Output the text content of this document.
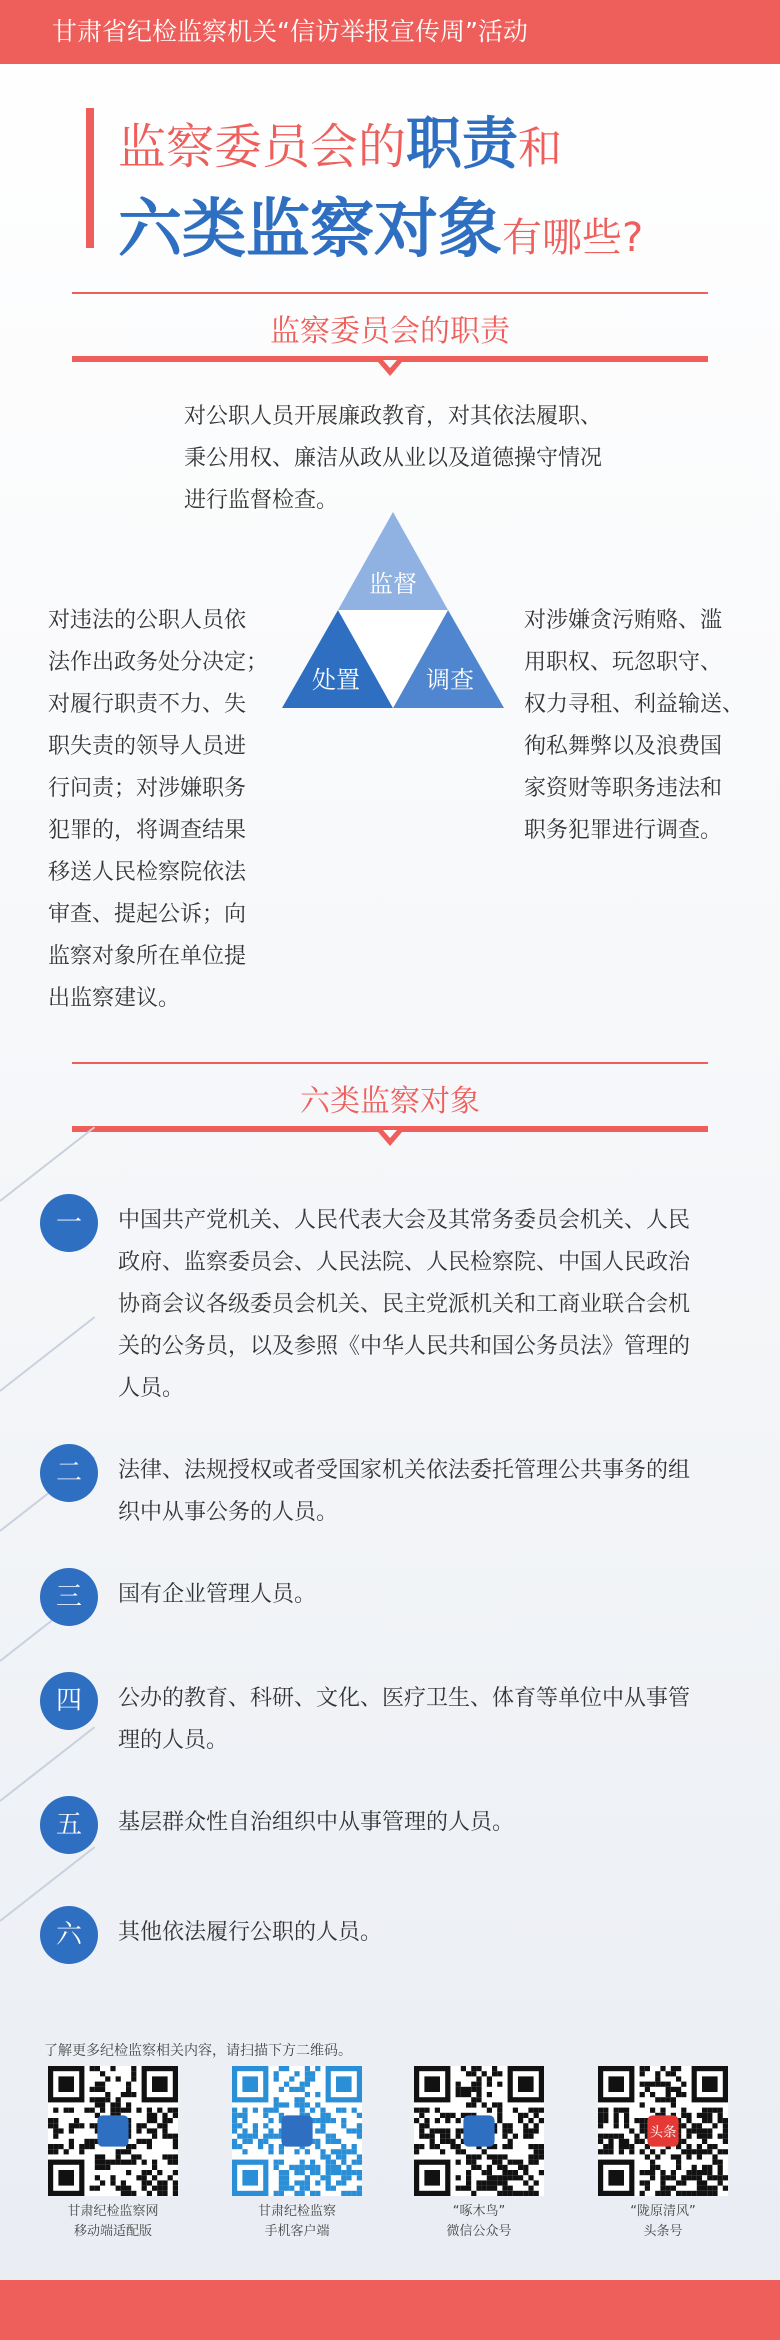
甘肃省纪检监察机关“信访举报宣传周”活动
监察委员会的职责和
六类监察对象有哪些?
监察委员会的职责
对公职人员开展廉政教育，对其依法履职、
秉公用权、廉洁从政从业以及道德操守情况
进行监督检查。
监督
处置	调查
对违法的公职人员依
法作出政务处分决定；
对履行职责不力、失
职失责的领导人员进
行问责；对涉嫌职务
犯罪的，将调查结果
移送人民检察院依法
审查、提起公诉；向
监察对象所在单位提
出监察建议。
对涉嫌贪污贿赂、滥
用职权、玩忽职守、
权力寻租、利益输送、
徇私舞弊以及浪费国
家资财等职务违法和
职务犯罪进行调查。
六类监察对象
一	中国共产党机关、人民代表大会及其常务委员会机关、人民
政府、监察委员会、人民法院、人民检察院、中国人民政治
协商会议各级委员会机关、民主党派机关和工商业联合会机
关的公务员，以及参照《中华人民共和国公务员法》管理的
人员。
二	法律、法规授权或者受国家机关依法委托管理公共事务的组
织中从事公务的人员。
三	国有企业管理人员。
四	公办的教育、科研、文化、医疗卫生、体育等单位中从事管
理的人员。
五	基层群众性自治组织中从事管理的人员。
六	其他依法履行公职的人员。
了解更多纪检监察相关内容，请扫描下方二维码。
头条
甘肃纪检监察网
移动端适配版
甘肃纪检监察
手机客户端
“啄木鸟”
微信公众号
“陇原清风”
头条号
